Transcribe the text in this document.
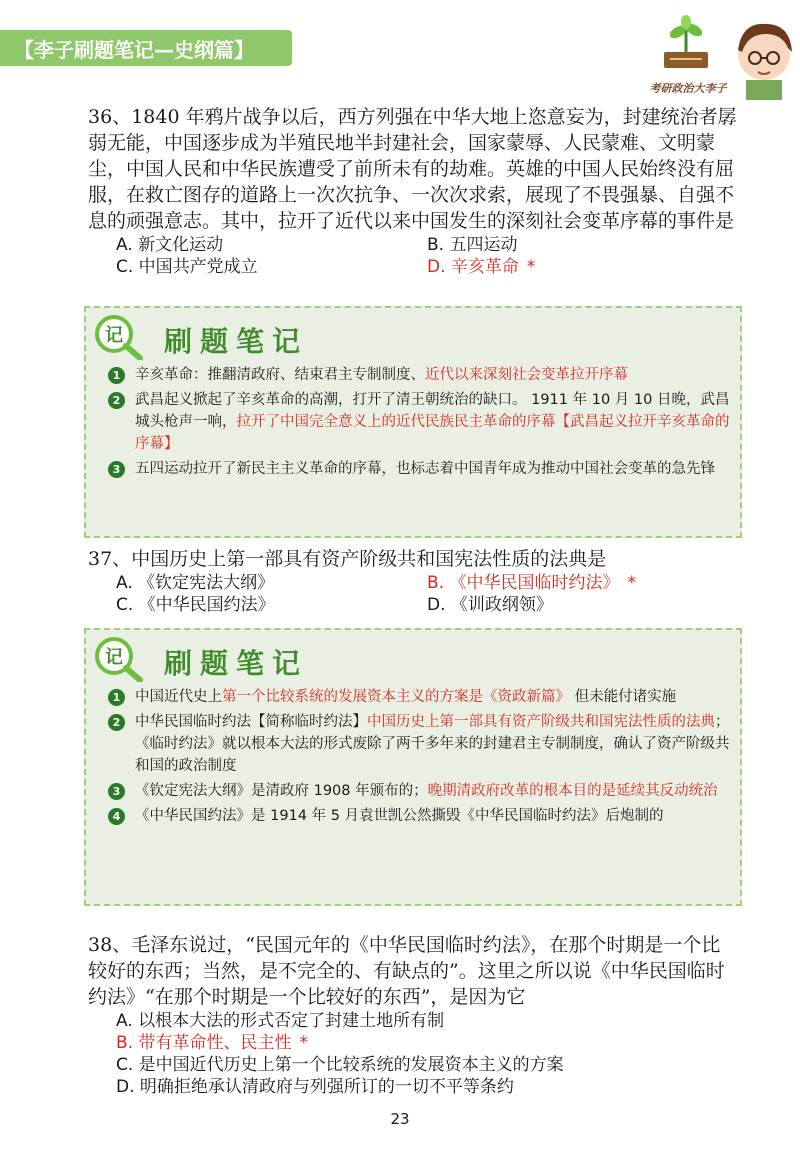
【李子刷题笔记—史纲篇】
考研政治大李子
36、1840 年鸦片战争以后，西方列强在中华大地上恣意妄为，封建统治者孱弱无能，中国逐步成为半殖民地半封建社会，国家蒙辱、人民蒙难、文明蒙尘，中国人民和中华民族遭受了前所未有的劫难。英雄的中国人民始终没有屈服，在救亡图存的道路上一次次抗争、一次次求索，展现了不畏强暴、自强不息的顽强意志。其中，拉开了近代以来中国发生的深刻社会变革序幕的事件是
A. 新文化运动	B. 五四运动
C. 中国共产党成立	D. 辛亥革命 *
记 刷题笔记
1	辛亥革命：推翻清政府、结束君主专制制度、近代以来深刻社会变革拉开序幕
2	武昌起义掀起了辛亥革命的高潮，打开了清王朝统治的缺口。 1911 年 10 月 10 日晚，武昌城头枪声一响，拉开了中国完全意义上的近代民族民主革命的序幕【武昌起义拉开辛亥革命的序幕】
3	五四运动拉开了新民主主义革命的序幕，也标志着中国青年成为推动中国社会变革的急先锋
37、中国历史上第一部具有资产阶级共和国宪法性质的法典是
A. 《钦定宪法大纲》	B. 《中华民国临时约法》 *
C. 《中华民国约法》	D. 《训政纲领》
记 刷题笔记
1	中国近代史上第一个比较系统的发展资本主义的方案是《资政新篇》 但未能付诸实施
2	中华民国临时约法【简称临时约法】中国历史上第一部具有资产阶级共和国宪法性质的法典；《临时约法》就以根本大法的形式废除了两千多年来的封建君主专制制度，确认了资产阶级共和国的政治制度
3	《钦定宪法大纲》是清政府 1908 年颁布的；晚期清政府改革的根本目的是延续其反动统治
4	《中华民国约法》是 1914 年 5 月袁世凯公然撕毁《中华民国临时约法》后炮制的
38、毛泽东说过，“民国元年的《中华民国临时约法》，在那个时期是一个比较好的东西；当然，是不完全的、有缺点的”。这里之所以说《中华民国临时约法》“在那个时期是一个比较好的东西”，是因为它
A. 以根本大法的形式否定了封建土地所有制
B. 带有革命性、民主性 *
C. 是中国近代历史上第一个比较系统的发展资本主义的方案
D. 明确拒绝承认清政府与列强所订的一切不平等条约
23
